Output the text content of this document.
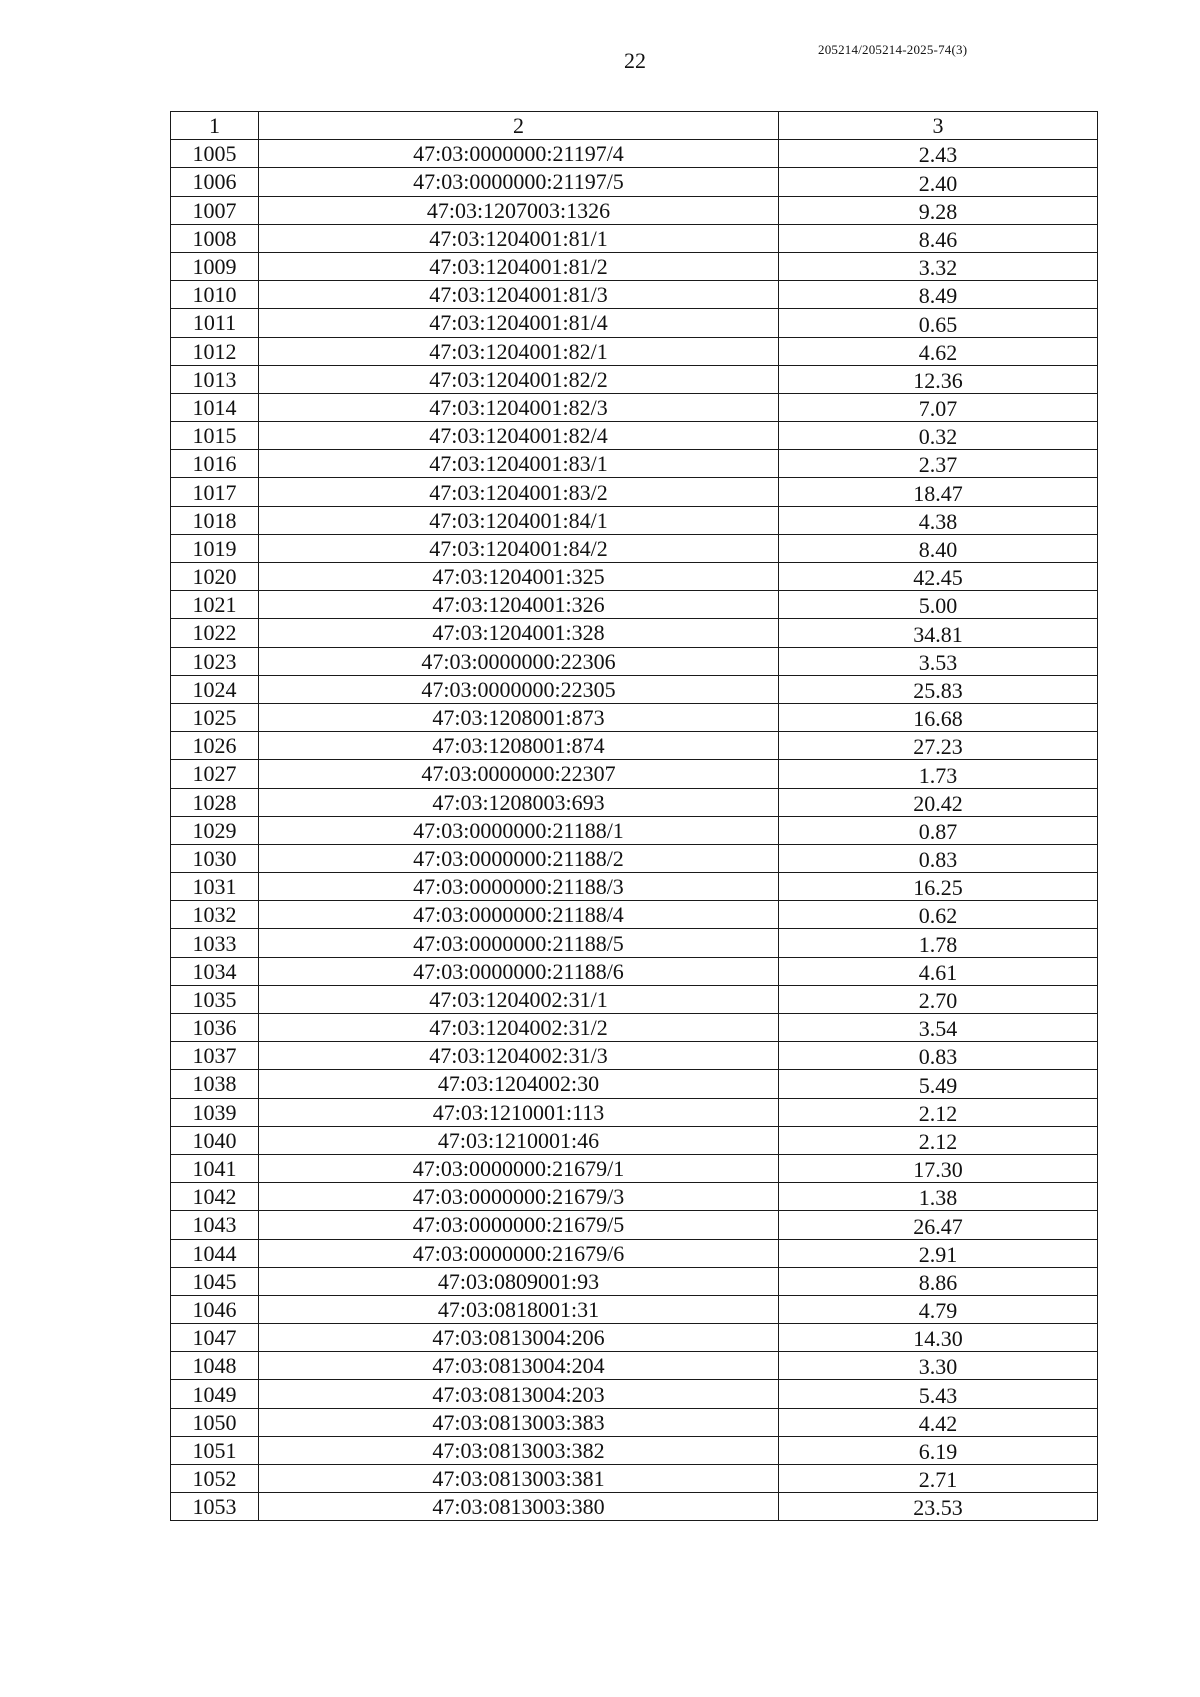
22	205214/205214-2025-74(3)
1	2	3
1005	47:03:0000000:21197/4	2.43
1006	47:03:0000000:21197/5	2.40
1007	47:03:1207003:1326	9.28
1008	47:03:1204001:81/1	8.46
1009	47:03:1204001:81/2	3.32
1010	47:03:1204001:81/3	8.49
1011	47:03:1204001:81/4	0.65
1012	47:03:1204001:82/1	4.62
1013	47:03:1204001:82/2	12.36
1014	47:03:1204001:82/3	7.07
1015	47:03:1204001:82/4	0.32
1016	47:03:1204001:83/1	2.37
1017	47:03:1204001:83/2	18.47
1018	47:03:1204001:84/1	4.38
1019	47:03:1204001:84/2	8.40
1020	47:03:1204001:325	42.45
1021	47:03:1204001:326	5.00
1022	47:03:1204001:328	34.81
1023	47:03:0000000:22306	3.53
1024	47:03:0000000:22305	25.83
1025	47:03:1208001:873	16.68
1026	47:03:1208001:874	27.23
1027	47:03:0000000:22307	1.73
1028	47:03:1208003:693	20.42
1029	47:03:0000000:21188/1	0.87
1030	47:03:0000000:21188/2	0.83
1031	47:03:0000000:21188/3	16.25
1032	47:03:0000000:21188/4	0.62
1033	47:03:0000000:21188/5	1.78
1034	47:03:0000000:21188/6	4.61
1035	47:03:1204002:31/1	2.70
1036	47:03:1204002:31/2	3.54
1037	47:03:1204002:31/3	0.83
1038	47:03:1204002:30	5.49
1039	47:03:1210001:113	2.12
1040	47:03:1210001:46	2.12
1041	47:03:0000000:21679/1	17.30
1042	47:03:0000000:21679/3	1.38
1043	47:03:0000000:21679/5	26.47
1044	47:03:0000000:21679/6	2.91
1045	47:03:0809001:93	8.86
1046	47:03:0818001:31	4.79
1047	47:03:0813004:206	14.30
1048	47:03:0813004:204	3.30
1049	47:03:0813004:203	5.43
1050	47:03:0813003:383	4.42
1051	47:03:0813003:382	6.19
1052	47:03:0813003:381	2.71
1053	47:03:0813003:380	23.53
